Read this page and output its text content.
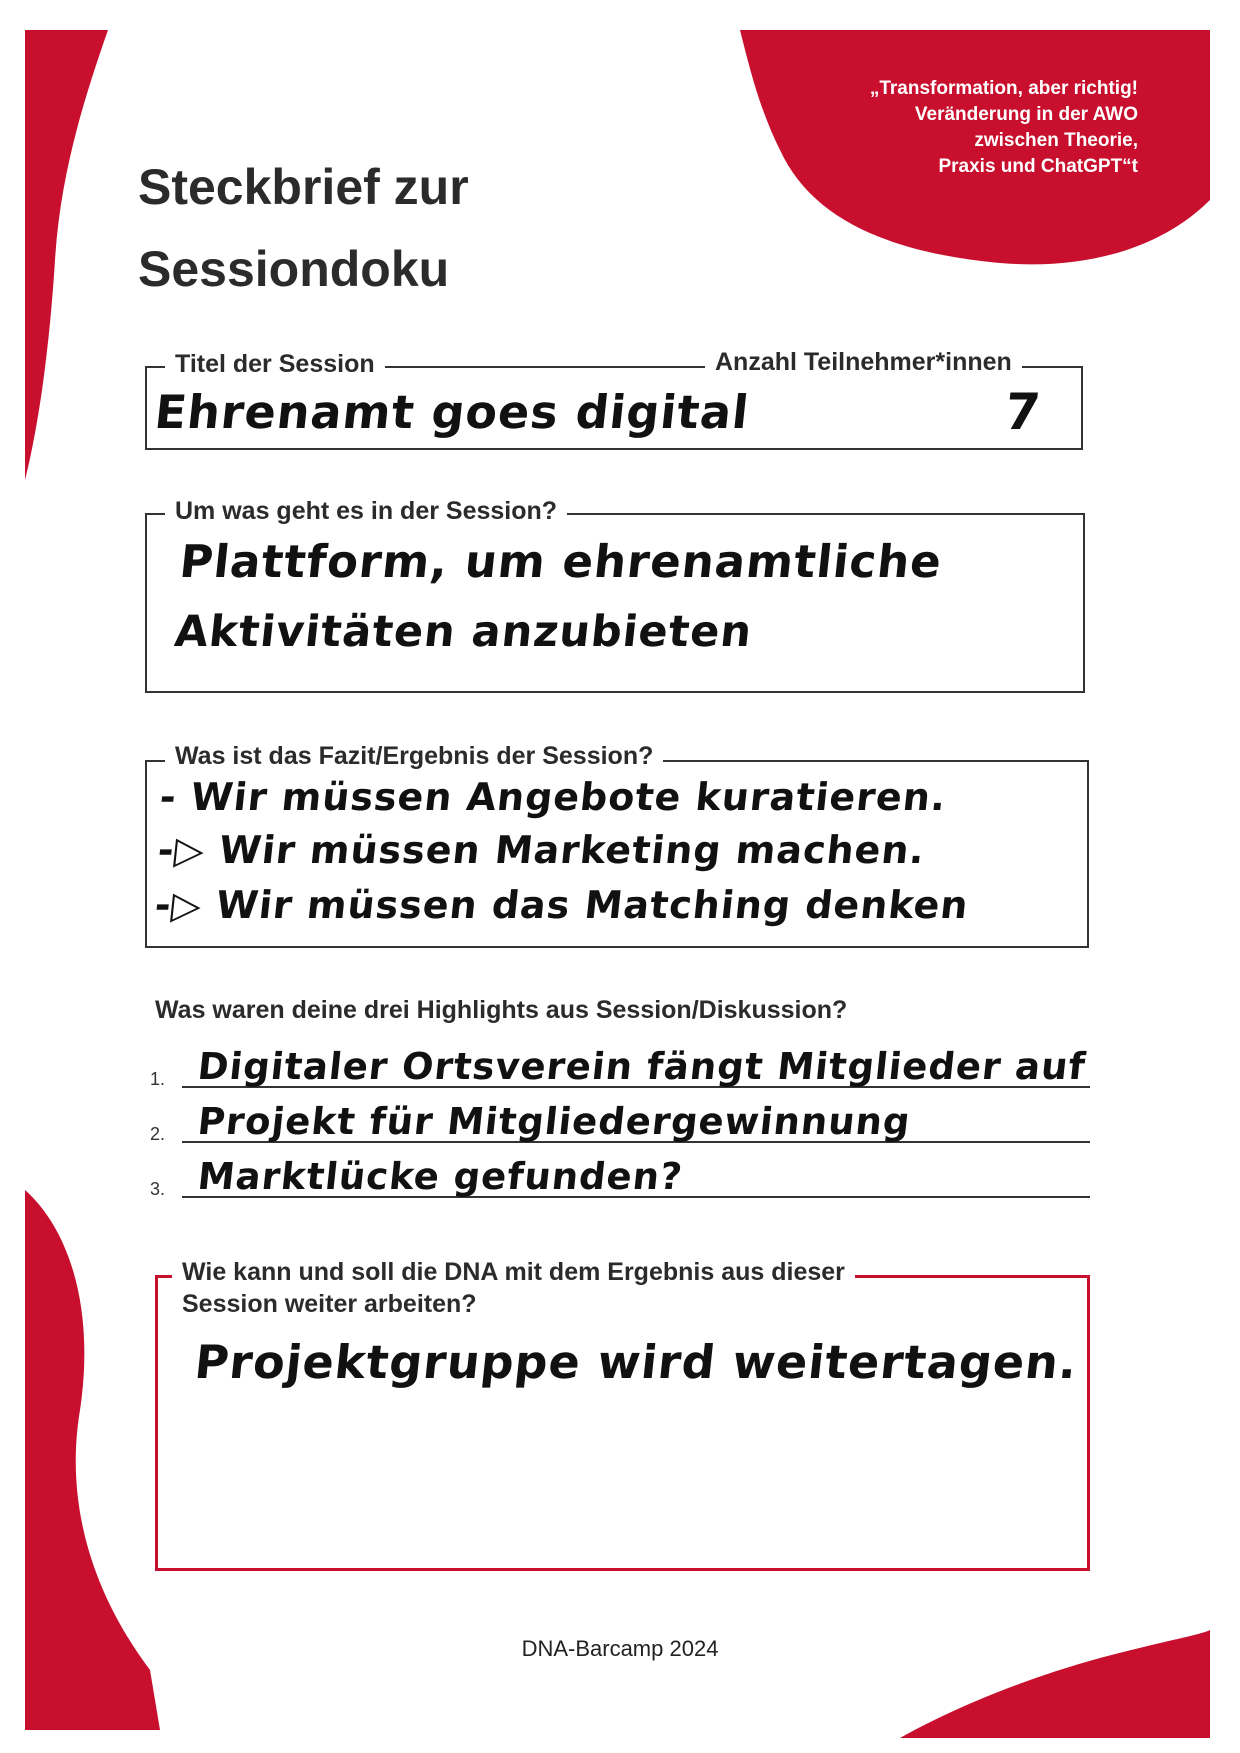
„Transformation, aber richtig!
Veränderung in der AWO
zwischen Theorie,
Praxis und ChatGPT“t
Steckbrief zur
Sessiondoku
Titel der Session	Anzahl Teilnehmer*innen
Ehrenamt goes digital	7
Um was geht es in der Session?
Plattform, um ehrenamtliche
Aktivitäten anzubieten
Was ist das Fazit/Ergebnis der Session?
- Wir müssen Angebote kuratieren.
-▷ Wir müssen Marketing machen.
-▷ Wir müssen das Matching denken
Was waren deine drei Highlights aus Session/Diskussion?
1. Digitaler Ortsverein fängt Mitglieder auf
2. Projekt für Mitgliedergewinnung
3. Marktlücke gefunden?
Wie kann und soll die DNA mit dem Ergebnis aus dieser
Session weiter arbeiten?
Projektgruppe wird weitertagen.
DNA-Barcamp 2024
